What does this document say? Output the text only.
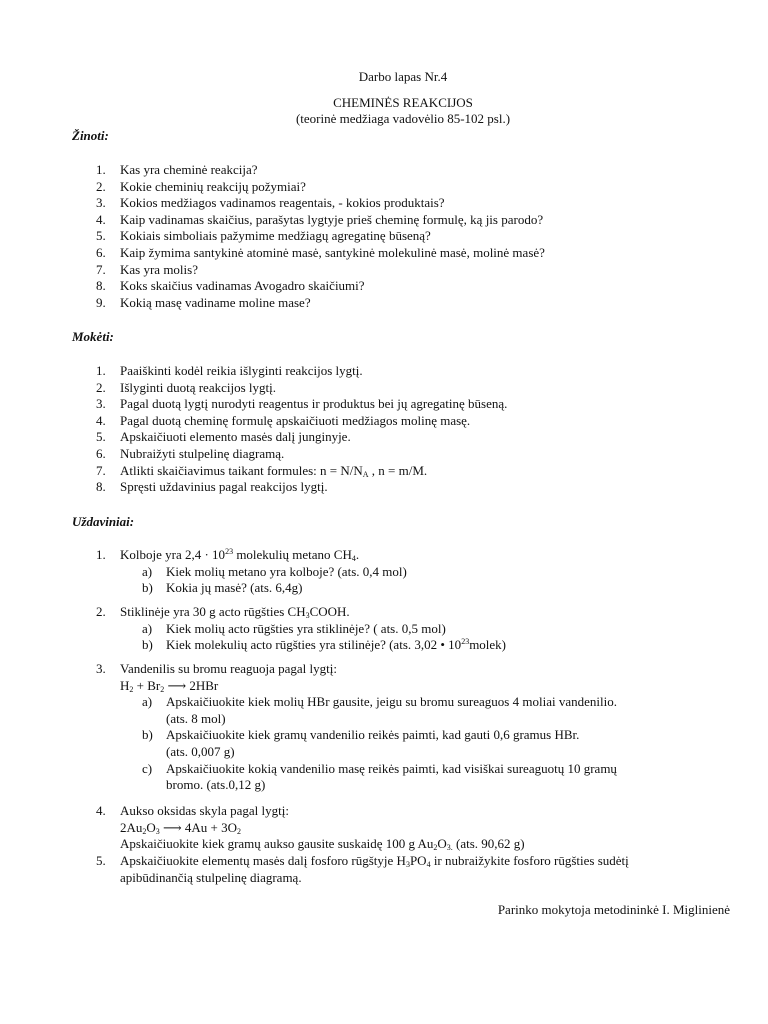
Darbo lapas Nr.4
CHEMINĖS REAKCIJOS
(teorinė medžiaga vadovėlio 85-102 psl.)
Žinoti:
1. Kas yra cheminė reakcija?
2. Kokie cheminių reakcijų požymiai?
3. Kokios medžiagos vadinamos reagentais, - kokios produktais?
4. Kaip vadinamas skaičius, parašytas lygtyje prieš cheminę formulę, ką jis parodo?
5. Kokiais simboliais pažymime medžiagų agregatinę būseną?
6. Kaip žymima santykinė atominė masė, santykinė molekulinė masė, molinė masė?
7. Kas yra molis?
8. Koks skaičius vadinamas Avogadro skaičiumi?
9. Kokią masę vadiname moline mase?
Mokėti:
1. Paaiškinti kodėl reikia išlyginti reakcijos lygtį.
2. Išlyginti duotą reakcijos lygtį.
3. Pagal duotą lygtį nurodyti reagentus ir produktus bei jų agregatinę būseną.
4. Pagal duotą cheminę formulę apskaičiuoti medžiagos molinę masę.
5. Apskaičiuoti elemento masės dalį junginyje.
6. Nubraižyti stulpelinę diagramą.
7. Atlikti skaičiavimus taikant formules: $n = N/N_A$ , n = m/M.
8. Spręsti uždavinius pagal reakcijos lygtį.
Uždaviniai:
1. Kolboje yra $2,4 \cdot 10^{23}$ molekulių metano $CH_4$.
a) Kiek molių metano yra kolboje? (ats. 0,4 mol)
b) Kokia jų masė? (ats. 6,4g)
2. Stiklinėje yra 30 g acto rūgšties $CH_3COOH$.
a) Kiek molių acto rūgšties yra stiklinėje? ( ats. 0,5 mol)
b) Kiek molekulių acto rūgšties yra stilinėje? (ats. 3,02 • $10^{23}molek$)
3. Vandenilis su bromu reaguoja pagal lygtį:
$H_2 + Br_2$ ⟶ 2HBr
a) Apskaičiuokite kiek molių HBr gausite, jeigu su bromu sureaguos 4 moliai vandenilio.
(ats. 8 mol)
b) Apskaičiuokite kiek gramų vandenilio reikės paimti, kad gauti 0,6 gramus HBr.
(ats. 0,007 g)
c) Apskaičiuokite kokią vandenilio masę reikės paimti, kad visiškai sureaguotų 10 gramų
bromo. (ats.0,12 g)
4. Aukso oksidas skyla pagal lygtį:
$2Au_2O_3$ ⟶ $4Au + 3O_2$
Apskaičiuokite kiek gramų aukso gausite suskaidę 100 g $Au_2O_{3.}$ (ats. 90,62 g)
5. Apskaičiuokite elementų masės dalį fosforo rūgštyje $H_3PO_4$ ir nubraižykite fosforo rūgšties sudėtį
apibūdinančią stulpelinę diagramą.
Parinko mokytoja metodininkė I. Miglinienė
